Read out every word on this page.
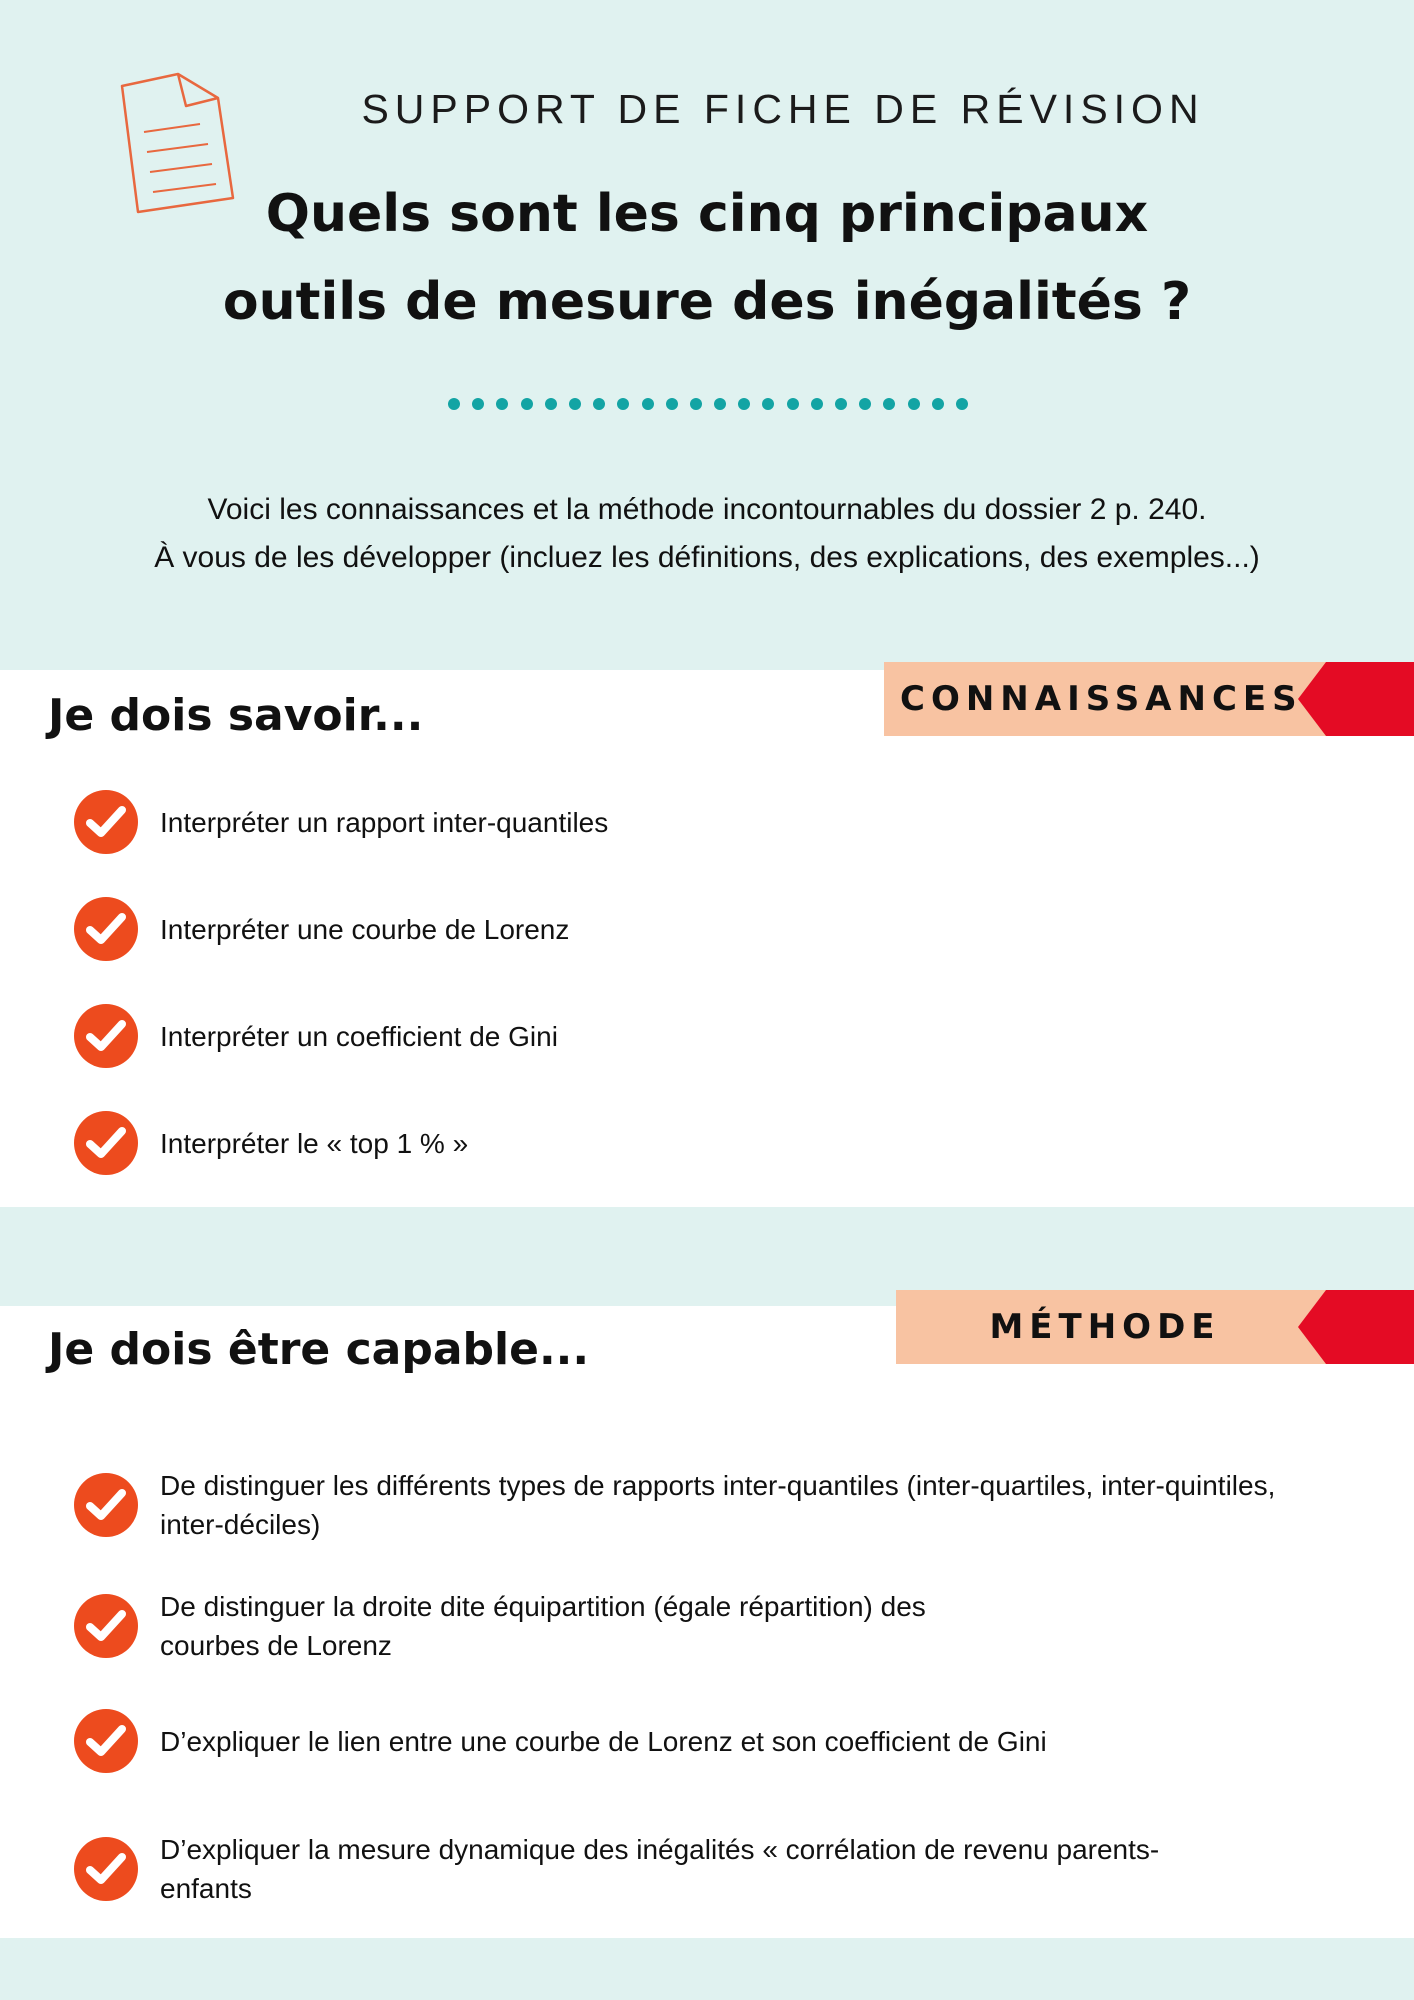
SUPPORT DE FICHE DE RÉVISION
Quels sont les cinq principaux
outils de mesure des inégalités ?

Voici les connaissances et la méthode incontournables du dossier 2 p. 240.
À vous de les développer (incluez les définitions, des explications, des exemples...)

Je dois savoir...	CONNAISSANCES
Interpréter un rapport inter-quantiles
Interpréter une courbe de Lorenz
Interpréter un coefficient de Gini
Interpréter le « top 1 % »
Je dois être capable...	MÉTHODE
De distinguer les différents types de rapports inter-quantiles (inter-quartiles, inter-quintiles,
inter-déciles)
De distinguer la droite dite équipartition (égale répartition) des
courbes de Lorenz
D’expliquer le lien entre une courbe de Lorenz et son coefficient de Gini
D’expliquer la mesure dynamique des inégalités « corrélation de revenu parents-
enfants
